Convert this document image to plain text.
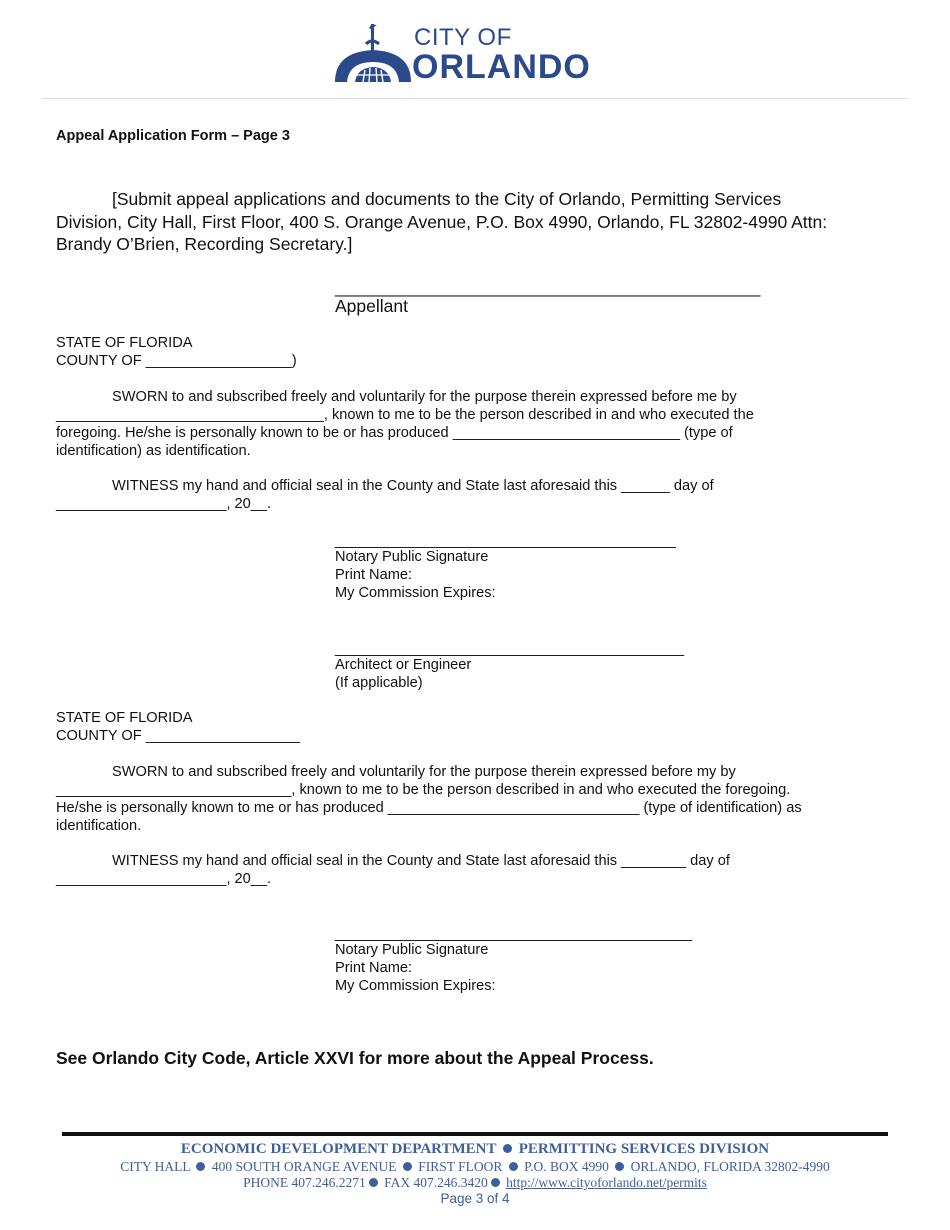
CITY OF
ORLANDO
Appeal Application Form – Page 3
[Submit appeal applications and documents to the City of Orlando, Permitting Services Division, City Hall, First Floor, 400 S. Orange Avenue, P.O. Box 4990, Orlando, FL 32802-4990 Attn: Brandy O’Brien, Recording Secretary.]
_____________________________________________
Appellant
STATE OF FLORIDA
COUNTY OF __________________)
SWORN to and subscribed freely and voluntarily for the purpose therein expressed before me by _________________________________, known to me to be the person described in and who executed the foregoing. He/she is personally known to be or has produced ____________________________ (type of identification) as identification.
WITNESS my hand and official seal in the County and State last aforesaid this ______ day of _____________________, 20__.
__________________________________________
Notary Public Signature
Print Name:
My Commission Expires:
___________________________________________
Architect or Engineer
(If applicable)
STATE OF FLORIDA
COUNTY OF ___________________
SWORN to and subscribed freely and voluntarily for the purpose therein expressed before my by _____________________________, known to me to be the person described in and who executed the foregoing. He/she is personally known to me or has produced _______________________________ (type of identification) as identification.
WITNESS my hand and official seal in the County and State last aforesaid this ________ day of _____________________, 20__.
____________________________________________
Notary Public Signature
Print Name:
My Commission Expires:
See Orlando City Code, Article XXVI for more about the Appeal Process.
ECONOMIC DEVELOPMENT DEPARTMENT PERMITTING SERVICES DIVISION
CITY HALL 400 SOUTH ORANGE AVENUE FIRST FLOOR P.O. BOX 4990 ORLANDO, FLORIDA 32802-4990
PHONE 407.246.2271 FAX 407.246.3420 http://www.cityoforlando.net/permits
Page 3 of 4
